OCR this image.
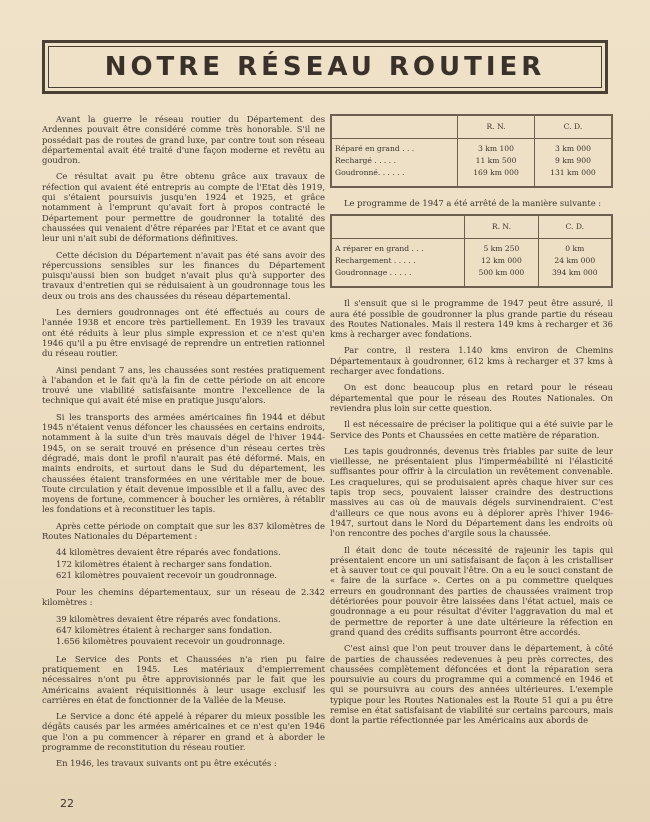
NOTRE RÉSEAU ROUTIER

Avant la guerre le réseau routier du Département des Ardennes pouvait être considéré comme très honorable. S'il ne possédait pas de routes de grand luxe, par contre tout son réseau départemental avait été traité d'une façon moderne et revêtu au goudron.

Ce résultat avait pu être obtenu grâce aux travaux de réfection qui avaient été entrepris au compte de l'Etat dès 1919, qui s'étaient poursuivis jusqu'en 1924 et 1925, et grâce notamment à l'emprunt qu'avait fort à propos contracté le Département pour permettre de goudronner la totalité des chaussées qui venaient d'être réparées par l'Etat et ce avant que leur uni n'ait subi de déformations définitives.

Cette décision du Département n'avait pas été sans avoir des répercussions sensibles sur les finances du Département puisqu'aussi bien son budget n'avait plus qu'à supporter des travaux d'entretien qui se réduisaient à un goudronnage tous les deux ou trois ans des chaussées du réseau départemental.

Les derniers goudronnages ont été effectués au cours de l'année 1938 et encore très partiellement. En 1939 les travaux ont été réduits à leur plus simple expression et ce n'est qu'en 1946 qu'il a pu être envisagé de reprendre un entretien rationnel du réseau routier.

Ainsi pendant 7 ans, les chaussées sont restées pratiquement à l'abandon et le fait qu'à la fin de cette période on ait encore trouvé une viabilité satisfaisante montre l'excellence de la technique qui avait été mise en pratique jusqu'alors.

Si les transports des armées américaines fin 1944 et début 1945 n'étaient venus défoncer les chaussées en certains endroits, notamment à la suite d'un très mauvais dégel de l'hiver 1944-1945, on se serait trouvé en présence d'un réseau certes très dégradé, mais dont le profil n'aurait pas été déformé. Mais, en maints endroits, et surtout dans le Sud du département, les chaussées étaient transformées en une véritable mer de boue. Toute circulation y était devenue impossible et il a fallu, avec des moyens de fortune, commencer à boucher les ornières, à rétablir les fondations et à reconstituer les tapis.

Après cette période on comptait que sur les 837 kilomètres de Routes Nationales du Département :

44 kilomètres devaient être réparés avec fondations.

172 kilomètres étaient à recharger sans fondation.

621 kilomètres pouvaient recevoir un goudronnage.

Pour les chemins départementaux, sur un réseau de 2.342 kilomètres :

39 kilomètres devaient être réparés avec fondations.

647 kilomètres étaient à recharger sans fondation.

1.656 kilomètres pouvaient recevoir un goudronnage.

Le Service des Ponts et Chaussées n'a rien pu faire pratiquement en 1945. Les matériaux d'empierrement nécessaires n'ont pu être approvisionnés par le fait que les Américains avaient réquisitionnés à leur usage exclusif les carrières en état de fonctionner de la Vallée de la Meuse.

Le Service a donc été appelé à réparer du mieux possible les dégâts causés par les armées américaines et ce n'est qu'en 1946 que l'on a pu commencer à réparer en grand et à aborder le programme de reconstitution du réseau routier.

En 1946, les travaux suivants ont pu être exécutés :

	R. N.	C. D.
Réparé en grand . . .	3 km 100	3 km 000
Rechargé . . . . .	11 km 500	9 km 900
Goudronné. . . . . .	169 km 000	131 km 000

Le programme de 1947 a été arrêté de la manière suivante :

	R. N.	C. D.
A réparer en grand . . .	5 km 250	0 km
Rechargement . . . . .	12 km 000	24 km 000
Goudronnage . . . . .	500 km 000	394 km 000

Il s'ensuit que si le programme de 1947 peut être assuré, il aura été possible de goudronner la plus grande partie du réseau des Routes Nationales. Mais il restera 149 kms à recharger et 36 kms à recharger avec fondations.

Par contre, il restera 1.140 kms environ de Chemins Départementaux à goudronner, 612 kms à recharger et 37 kms à recharger avec fondations.

On est donc beaucoup plus en retard pour le réseau départemental que pour le réseau des Routes Nationales. On reviendra plus loin sur cette question.

Il est nécessaire de préciser la politique qui a été suivie par le Service des Ponts et Chaussées en cette matière de réparation.

Les tapis goudronnés, devenus très friables par suite de leur vieillesse, ne présentaient plus l'imperméabilité ni l'élasticité suffisantes pour offrir à la circulation un revêtement convenable. Les craquelures, qui se produisaient après chaque hiver sur ces tapis trop secs, pouvaient laisser craindre des destructions massives au cas où de mauvais dégels survinendraient. C'est d'ailleurs ce que nous avons eu à déplorer après l'hiver 1946-1947, surtout dans le Nord du Département dans les endroits où l'on rencontre des poches d'argile sous la chaussée.

Il était donc de toute nécessité de rajeunir les tapis qui présentaient encore un uni satisfaisant de façon à les cristalliser et à sauver tout ce qui pouvait l'être. On a eu le souci constant de « faire de la surface ». Certes on a pu commettre quelques erreurs en goudronnant des parties de chaussées vraiment trop détériorées pour pouvoir être laissées dans l'état actuel, mais ce goudronnage a eu pour résultat d'éviter l'aggravation du mal et de permettre de reporter à une date ultérieure la réfection en grand quand des crédits suffisants pourront être accordés.

C'est ainsi que l'on peut trouver dans le département, à côté de parties de chaussées redevenues à peu près correctes, des chaussées complètement défoncées et dont la réparation sera poursuivie au cours du programme qui a commencé en 1946 et qui se poursuivra au cours des années ultérieures. L'exemple typique pour les Routes Nationales est la Route 51 qui a pu être remise en état satisfaisant de viabilité sur certains parcours, mais dont la partie réfectionnée par les Américains aux abords de

22
